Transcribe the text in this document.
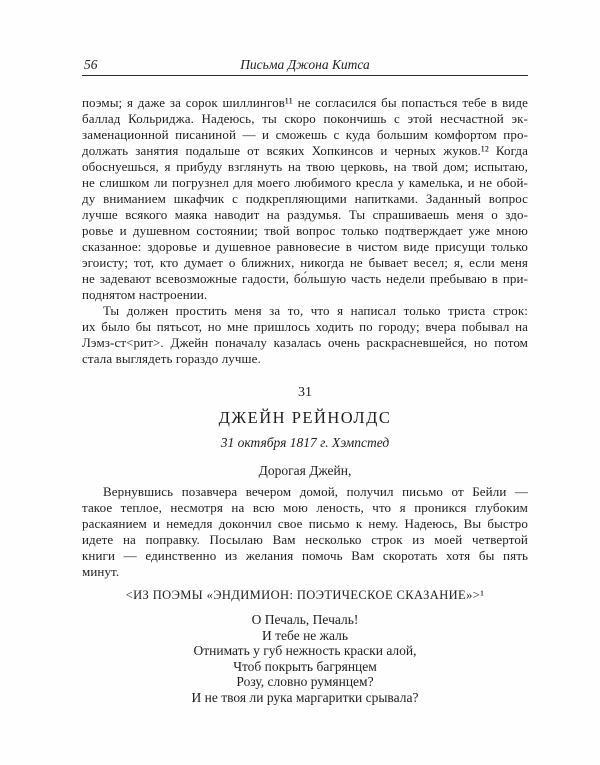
56	Письма Джона Китса
поэмы; я даже за сорок шиллингов¹¹ не согласился бы попасться тебе в виде
баллад Кольриджа. Надеюсь, ты скоро покончишь с этой несчастной эк-
заменационной писаниной — и сможешь с куда большим комфортом про-
должать занятия подальше от всяких Хопкинсов и черных жуков.¹² Когда
обоснуешься, я прибуду взглянуть на твою церковь, на твой дом; испытаю,
не слишком ли погрузнел для моего любимого кресла у камелька, и не обой-
ду вниманием шкафчик с подкрепляющими напитками. Заданный вопрос
лучше всякого маяка наводит на раздумья. Ты спрашиваешь меня о здо-
ровье и душевном состоянии; твой вопрос только подтверждает уже мною
сказанное: здоровье и душевное равновесие в чистом виде присущи только
эгоисту; тот, кто думает о ближних, никогда не бывает весел; я, если меня
не задевают всевозможные гадости, бо́льшую часть недели пребываю в при-
поднятом настроении.
Ты должен простить меня за то, что я написал только триста строк:
их было бы пятьсот, но мне пришлось ходить по городу; вчера побывал на
Лэмз-ст<рит>. Джейн поначалу казалась очень раскрасневшейся, но потом
стала выглядеть гораздо лучше.
31
ДЖЕЙН РЕЙНОЛДС
31 октября 1817 г. Хэмпстед
Дорогая Джейн,
Вернувшись позавчера вечером домой, получил письмо от Бейли —
такое теплое, несмотря на всю мою леность, что я проникся глубоким
раскаянием и немедля докончил свое письмо к нему. Надеюсь, Вы быстро
идете на поправку. Посылаю Вам несколько строк из моей четвертой
книги — единственно из желания помочь Вам скоротать хотя бы пять
минут.
<ИЗ ПОЭМЫ «ЭНДИМИОН: ПОЭТИЧЕСКОЕ СКАЗАНИЕ»>¹
О Печаль, Печаль!
И тебе не жаль
Отнимать у губ нежность краски алой,
Чтоб покрыть багрянцем
Розу, словно румянцем?
И не твоя ли рука маргаритки срывала?
